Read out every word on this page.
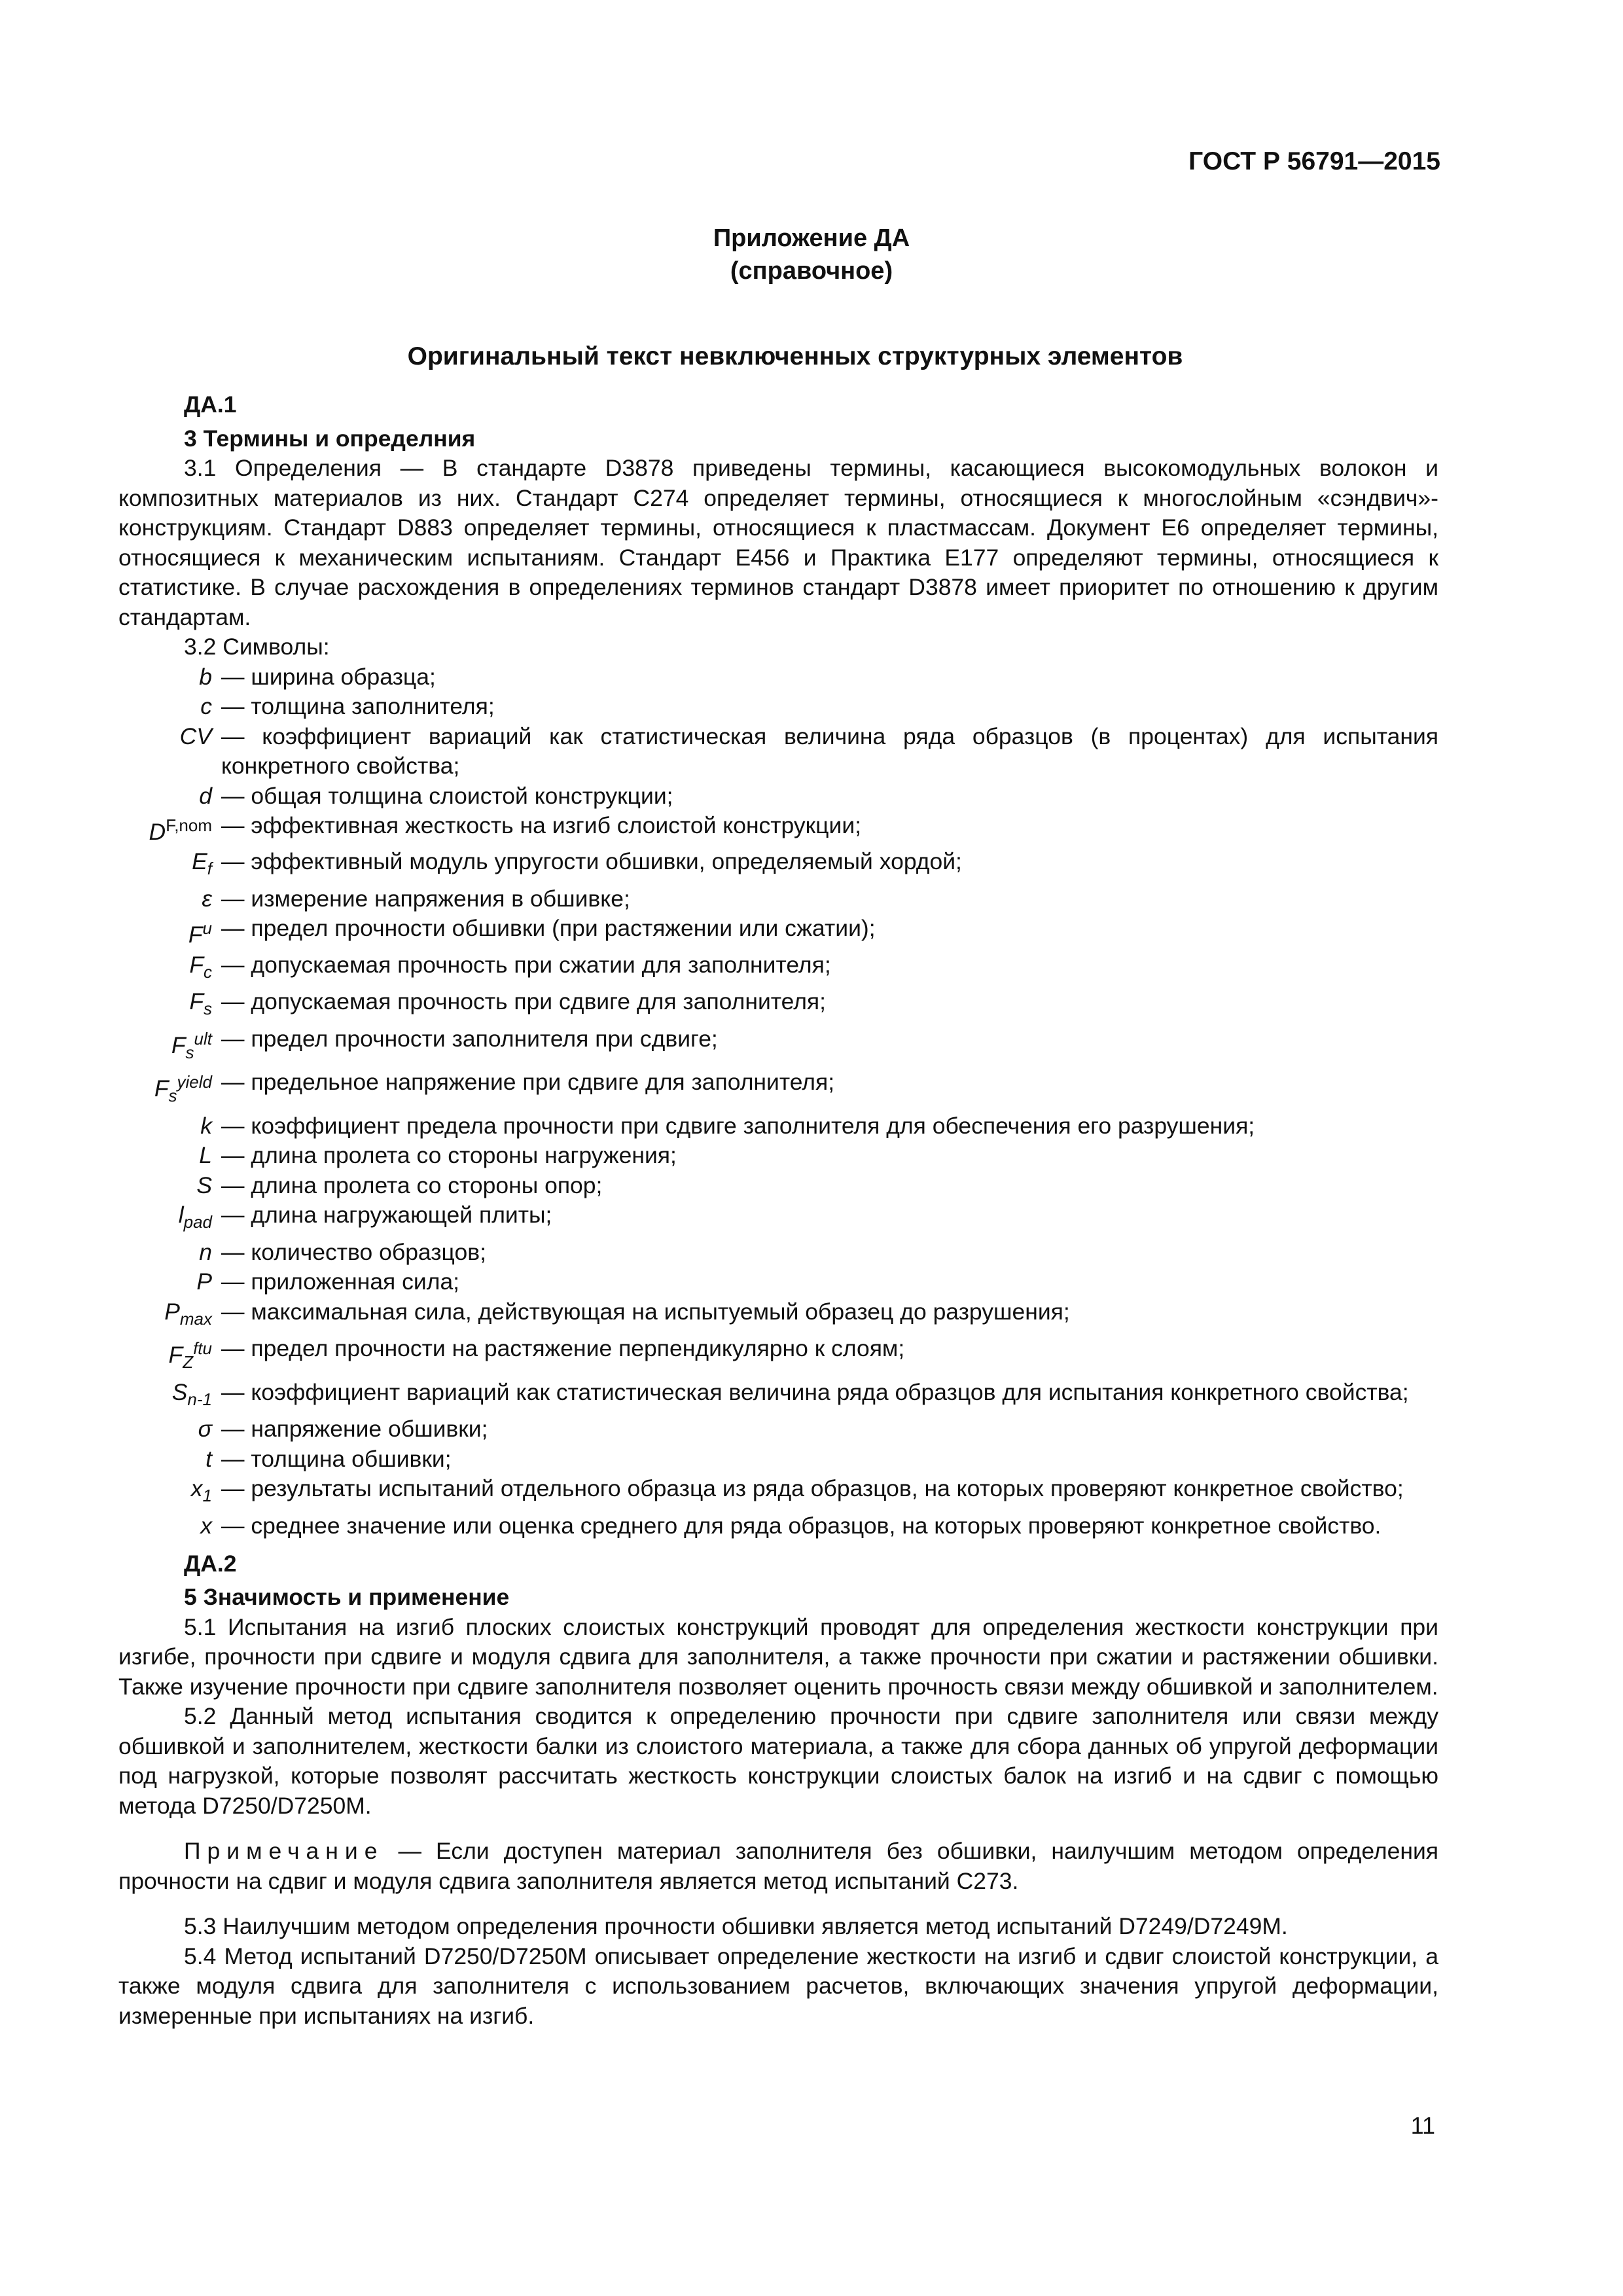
ГОСТ Р 56791—2015
Приложение ДА
(справочное)
Оригинальный текст невключенных структурных элементов

ДА.1

3 Термины и определния

3.1 Определения — В стандарте D3878 приведены термины, касающиеся высокомодульных волокон и композитных материалов из них. Стандарт С274 определяет термины, относящиеся к многослойным «сэндвич»-конструкциям. Стандарт D883 определяет термины, относящиеся к пластмассам. Документ Е6 определяет термины, относящиеся к механическим испытаниям. Стандарт Е456 и Практика Е177 определяют термины, относящиеся к статистике. В случае расхождения в определениях терминов стандарт D3878 имеет приоритет по отношению к другим стандартам.

3.2 Символы:

b — ширина образца;
c — толщина заполнителя;
CV — коэффициент вариаций как статистическая величина ряда образцов (в процентах) для испытания конкретного свойства;
d — общая толщина слоистой конструкции;
$D^{F,nom}$ — эффективная жесткость на изгиб слоистой конструкции;
$E_f$ — эффективный модуль упругости обшивки, определяемый хордой;
ε — измерение напряжения в обшивке;
$F^u$ — предел прочности обшивки (при растяжении или сжатии);
$F_c$ — допускаемая прочность при сжатии для заполнителя;
$F_s$ — допускаемая прочность при сдвиге для заполнителя;
$F_s^{ult}$ — предел прочности заполнителя при сдвиге;
$F_s^{yield}$ — предельное напряжение при сдвиге для заполнителя;
k — коэффициент предела прочности при сдвиге заполнителя для обеспечения его разрушения;
L — длина пролета со стороны нагружения;
S — длина пролета со стороны опор;
$l_{pad}$ — длина нагружающей плиты;
n — количество образцов;
P — приложенная сила;
$P_{max}$ — максимальная сила, действующая на испытуемый образец до разрушения;
$F_Z^{ftu}$ — предел прочности на растяжение перпендикулярно к слоям;
$S_{n-1}$ — коэффициент вариаций как статистическая величина ряда образцов для испытания конкретного свойства;
σ — напряжение обшивки;
t — толщина обшивки;
$x_1$ — результаты испытаний отдельного образца из ряда образцов, на которых проверяют конкретное свойство;
x — среднее значение или оценка среднего для ряда образцов, на которых проверяют конкретное свойство.

ДА.2

5 Значимость и применение

5.1 Испытания на изгиб плоских слоистых конструкций проводят для определения жесткости конструкции при изгибе, прочности при сдвиге и модуля сдвига для заполнителя, а также прочности при сжатии и растяжении обшивки. Также изучение прочности при сдвиге заполнителя позволяет оценить прочность связи между обшивкой и заполнителем.

5.2 Данный метод испытания сводится к определению прочности при сдвиге заполнителя или связи между обшивкой и заполнителем, жесткости балки из слоистого материала, а также для сбора данных об упругой деформации под нагрузкой, которые позволят рассчитать жесткость конструкции слоистых балок на изгиб и на сдвиг с помощью метода D7250/D7250M.

Примечание — Если доступен материал заполнителя без обшивки, наилучшим методом определения прочности на сдвиг и модуля сдвига заполнителя является метод испытаний С273.

5.3 Наилучшим методом определения прочности обшивки является метод испытаний D7249/D7249M.

5.4 Метод испытаний D7250/D7250M описывает определение жесткости на изгиб и сдвиг слоистой конструкции, а также модуля сдвига для заполнителя с использованием расчетов, включающих значения упругой деформации, измеренные при испытаниях на изгиб.

11
